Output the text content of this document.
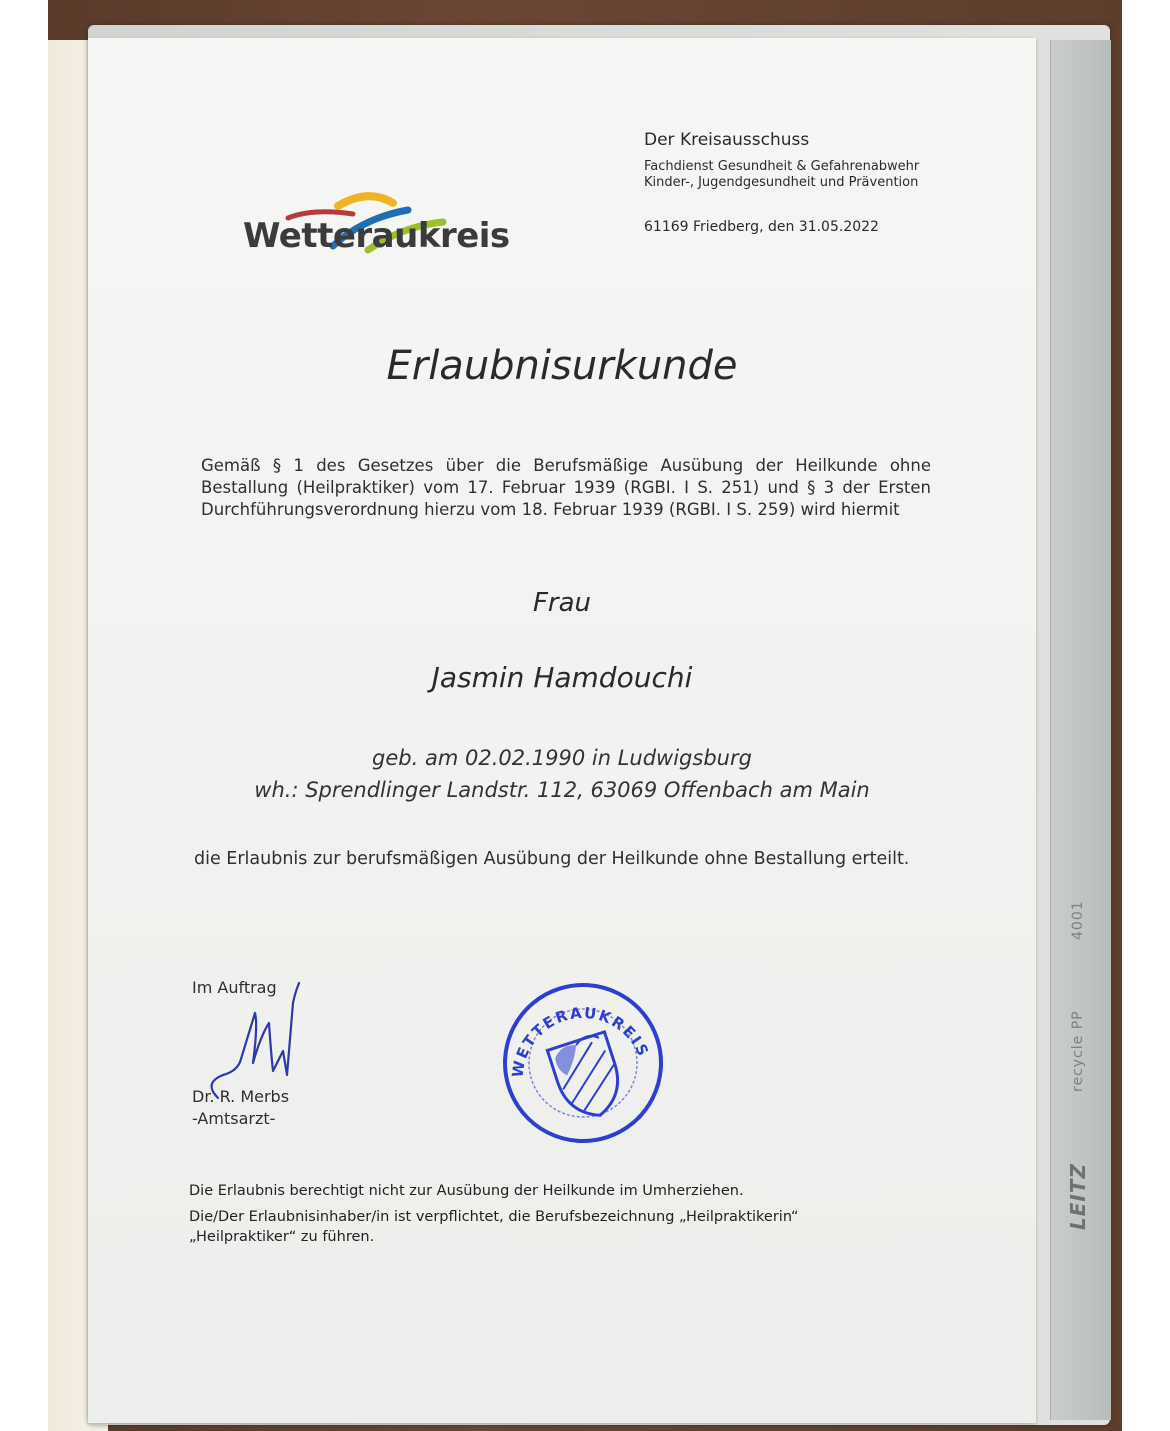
LEITZ
recycle PP
4001
Wetteraukreis
Der Kreisausschuss
Fachdienst Gesundheit & Gefahrenabwehr
Kinder-, Jugendgesundheit und Prävention
61169 Friedberg, den 31.05.2022
Erlaubnisurkunde
Gemäß § 1 des Gesetzes über die Berufsmäßige Ausübung der Heilkunde ohne Bestallung (Heilpraktiker) vom 17. Februar 1939 (RGBI. I S. 251) und § 3 der Ersten Durchführungsverordnung hierzu vom 18. Februar 1939 (RGBI. I S. 259) wird hiermit
Frau
Jasmin Hamdouchi
geb. am 02.02.1990 in Ludwigsburg
wh.: Sprendlinger Landstr. 112, 63069 Offenbach am Main
die Erlaubnis zur berufsmäßigen Ausübung der Heilkunde ohne Bestallung erteilt.
Im Auftrag
Dr. R. Merbs
-Amtsarzt-
WETTERAUKREIS

Die Erlaubnis berechtigt nicht zur Ausübung der Heilkunde im Umherziehen.

Die/Der Erlaubnisinhaber/in ist verpflichtet, die Berufsbezeichnung „Heilpraktikerin“ „Heilpraktiker“ zu führen.
